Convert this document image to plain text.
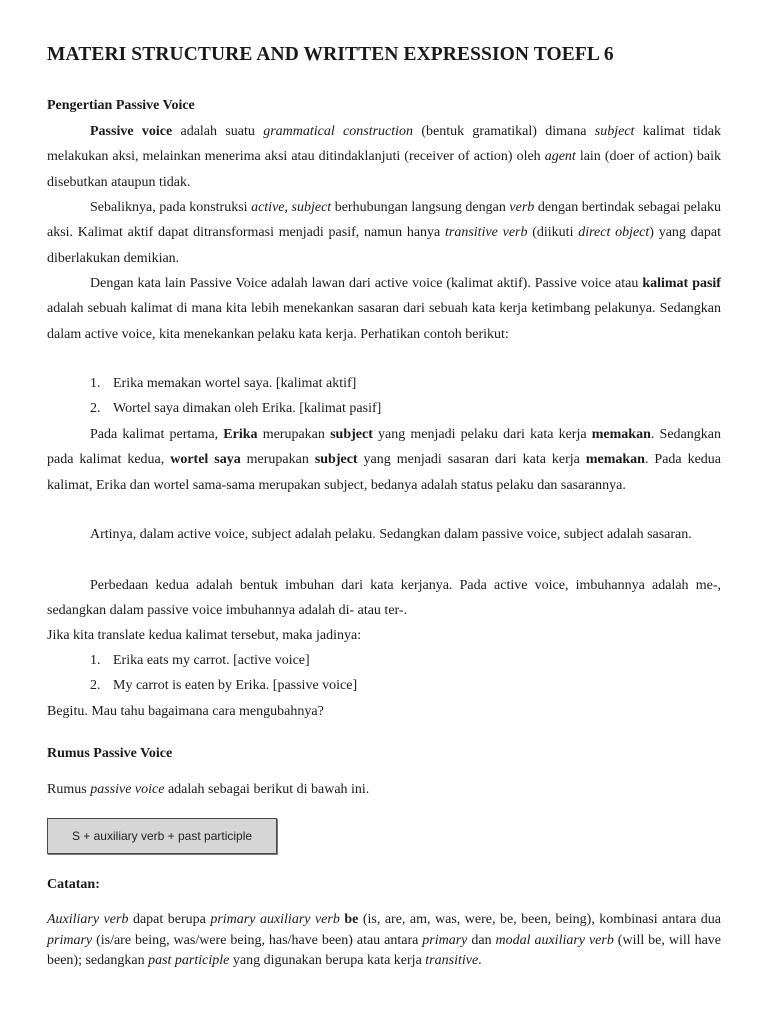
MATERI STRUCTURE AND WRITTEN EXPRESSION TOEFL 6
Pengertian Passive Voice
Passive voice adalah suatu grammatical construction (bentuk gramatikal) dimana subject kalimat tidak melakukan aksi, melainkan menerima aksi atau ditindaklanjuti (receiver of action) oleh agent lain (doer of action) baik disebutkan ataupun tidak.
Sebaliknya, pada konstruksi active, subject berhubungan langsung dengan verb dengan bertindak sebagai pelaku aksi. Kalimat aktif dapat ditransformasi menjadi pasif, namun hanya transitive verb (diikuti direct object) yang dapat diberlakukan demikian.
Dengan kata lain Passive Voice adalah lawan dari active voice (kalimat aktif). Passive voice atau kalimat pasif adalah sebuah kalimat di mana kita lebih menekankan sasaran dari sebuah kata kerja ketimbang pelakunya. Sedangkan dalam active voice, kita menekankan pelaku kata kerja. Perhatikan contoh berikut:
1. Erika memakan wortel saya. [kalimat aktif]
2. Wortel saya dimakan oleh Erika. [kalimat pasif]
Pada kalimat pertama, Erika merupakan subject yang menjadi pelaku dari kata kerja memakan. Sedangkan pada kalimat kedua, wortel saya merupakan subject yang menjadi sasaran dari kata kerja memakan. Pada kedua kalimat, Erika dan wortel sama-sama merupakan subject, bedanya adalah status pelaku dan sasarannya.
Artinya, dalam active voice, subject adalah pelaku. Sedangkan dalam passive voice, subject adalah sasaran.
Perbedaan kedua adalah bentuk imbuhan dari kata kerjanya. Pada active voice, imbuhannya adalah me-, sedangkan dalam passive voice imbuhannya adalah di- atau ter-.
Jika kita translate kedua kalimat tersebut, maka jadinya:
1. Erika eats my carrot. [active voice]
2. My carrot is eaten by Erika. [passive voice]
Begitu. Mau tahu bagaimana cara mengubahnya?
Rumus Passive Voice
Rumus passive voice adalah sebagai berikut di bawah ini.
S + auxiliary verb + past participle
Catatan:
Auxiliary verb dapat berupa primary auxiliary verb be (is, are, am, was, were, be, been, being), kombinasi antara dua primary (is/are being, was/were being, has/have been) atau antara primary dan modal auxiliary verb (will be, will have been); sedangkan past participle yang digunakan berupa kata kerja transitive.
